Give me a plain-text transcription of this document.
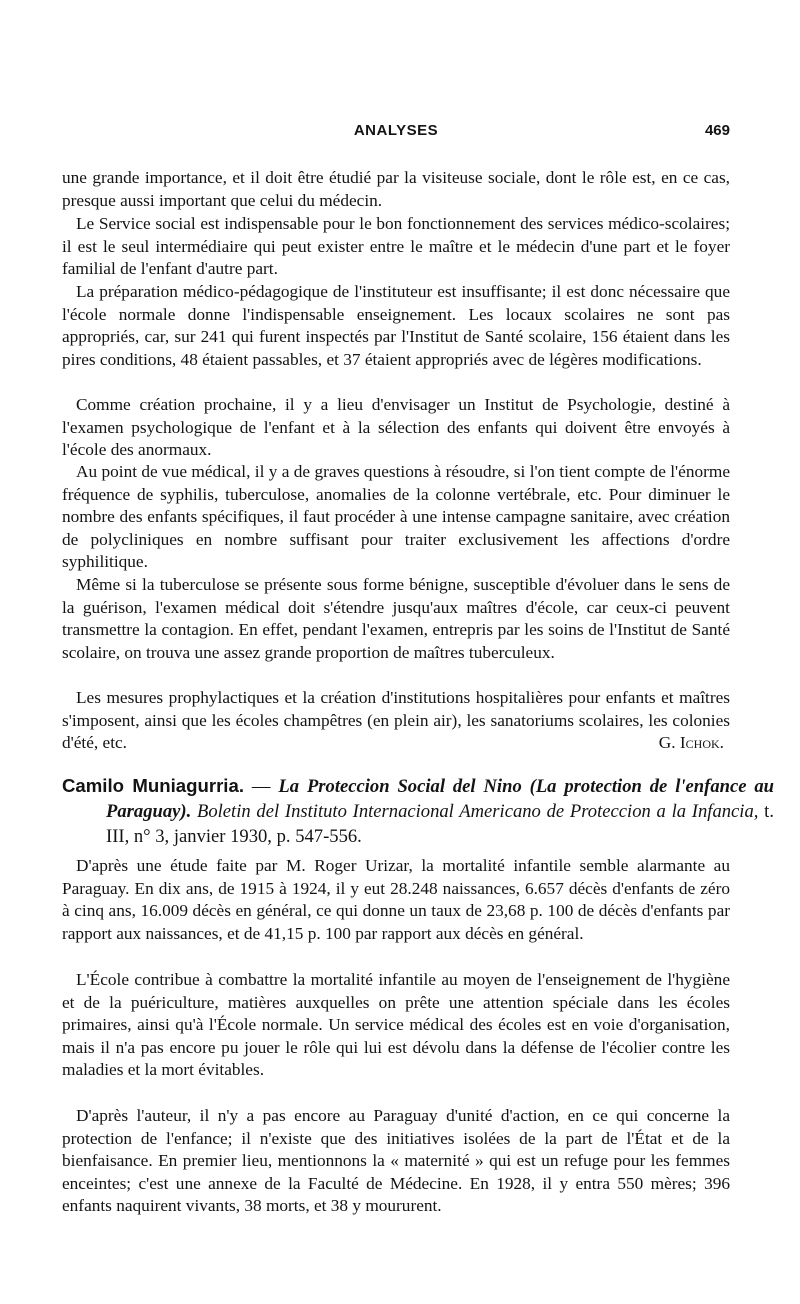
ANALYSES	469

une grande importance, et il doit être étudié par la visiteuse sociale, dont le rôle est, en ce cas, presque aussi important que celui du médecin.

Le Service social est indispensable pour le bon fonctionnement des services médico-scolaires; il est le seul intermédiaire qui peut exister entre le maître et le médecin d'une part et le foyer familial de l'enfant d'autre part.

La préparation médico-pédagogique de l'instituteur est insuffisante; il est donc nécessaire que l'école normale donne l'indispensable enseignement. Les locaux scolaires ne sont pas appropriés, car, sur 241 qui furent inspectés par l'Institut de Santé scolaire, 156 étaient dans les pires conditions, 48 étaient passables, et 37 étaient appropriés avec de légères modifications.

Comme création prochaine, il y a lieu d'envisager un Institut de Psychologie, destiné à l'examen psychologique de l'enfant et à la sélection des enfants qui doivent être envoyés à l'école des anormaux.

Au point de vue médical, il y a de graves questions à résoudre, si l'on tient compte de l'énorme fréquence de syphilis, tuberculose, anomalies de la colonne vertébrale, etc. Pour diminuer le nombre des enfants spécifiques, il faut procéder à une intense campagne sanitaire, avec création de polycliniques en nombre suffisant pour traiter exclusivement les affections d'ordre syphilitique.

Même si la tuberculose se présente sous forme bénigne, susceptible d'évoluer dans le sens de la guérison, l'examen médical doit s'étendre jusqu'aux maîtres d'école, car ceux-ci peuvent transmettre la contagion. En effet, pendant l'examen, entrepris par les soins de l'Institut de Santé scolaire, on trouva une assez grande proportion de maîtres tuberculeux.

Les mesures prophylactiques et la création d'institutions hospitalières pour enfants et maîtres s'imposent, ainsi que les écoles champêtres (en plein air), les sanatoriums scolaires, les colonies d'été, etc.	G. Ichok.

Camilo Muniagurria. — La Proteccion Social del Nino (La protection de l'enfance au Paraguay). Boletin del Instituto Internacional Americano de Proteccion a la Infancia, t. III, n° 3, janvier 1930, p. 547-556.

D'après une étude faite par M. Roger Urizar, la mortalité infantile semble alarmante au Paraguay. En dix ans, de 1915 à 1924, il y eut 28.248 naissances, 6.657 décès d'enfants de zéro à cinq ans, 16.009 décès en général, ce qui donne un taux de 23,68 p. 100 de décès d'enfants par rapport aux naissances, et de 41,15 p. 100 par rapport aux décès en général.

L'École contribue à combattre la mortalité infantile au moyen de l'enseignement de l'hygiène et de la puériculture, matières auxquelles on prête une attention spéciale dans les écoles primaires, ainsi qu'à l'École normale. Un service médical des écoles est en voie d'organisation, mais il n'a pas encore pu jouer le rôle qui lui est dévolu dans la défense de l'écolier contre les maladies et la mort évitables.

D'après l'auteur, il n'y a pas encore au Paraguay d'unité d'action, en ce qui concerne la protection de l'enfance; il n'existe que des initiatives isolées de la part de l'État et de la bienfaisance. En premier lieu, mentionnons la « maternité » qui est un refuge pour les femmes enceintes; c'est une annexe de la Faculté de Médecine. En 1928, il y entra 550 mères; 396 enfants naquirent vivants, 38 morts, et 38 y moururent.
